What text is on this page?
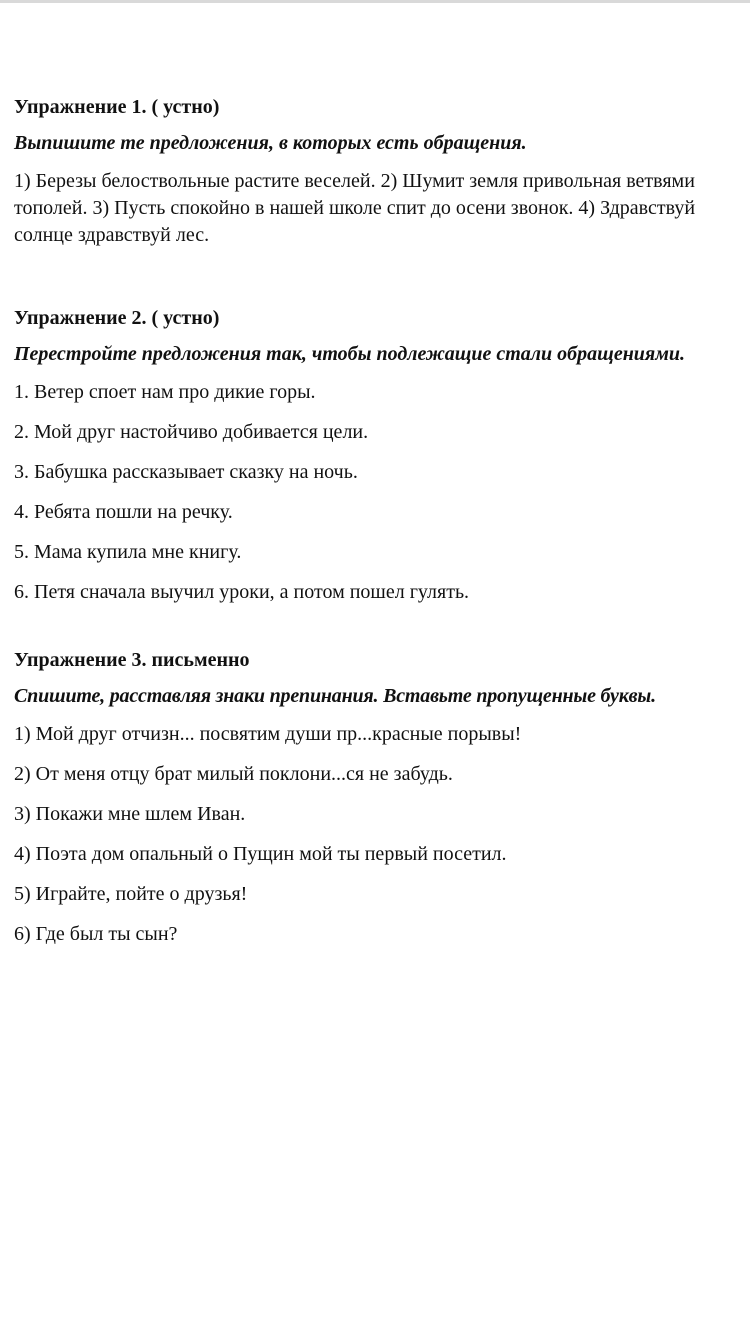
Упражнение 1. ( устно)

Выпишите те предложения, в которых есть обращения.

1) Березы белоствольные растите веселей. 2) Шумит земля привольная ветвями тополей. 3) Пусть спокойно в нашей школе спит до осени звонок. 4) Здравствуй солнце здравствуй лес.

Упражнение 2. ( устно)

Перестройте предложения так, чтобы подлежащие стали обращениями.

1. Ветер споет нам про дикие горы.

2. Мой друг настойчиво добивается цели.

3. Бабушка рассказывает сказку на ночь.

4. Ребята пошли на речку.

5. Мама купила мне книгу.

6. Петя сначала выучил уроки, а потом пошел гулять.

Упражнение 3. письменно

Спишите, расставляя знаки препинания. Вставьте пропущенные буквы.

1) Мой друг отчизн... посвятим души пр...красные порывы!

2) От меня отцу брат милый поклони...ся не забудь.

3) Покажи мне шлем Иван.

4) Поэта дом опальный о Пущин мой ты первый посетил.

5) Играйте, пойте о друзья!

6) Где был ты сын?
